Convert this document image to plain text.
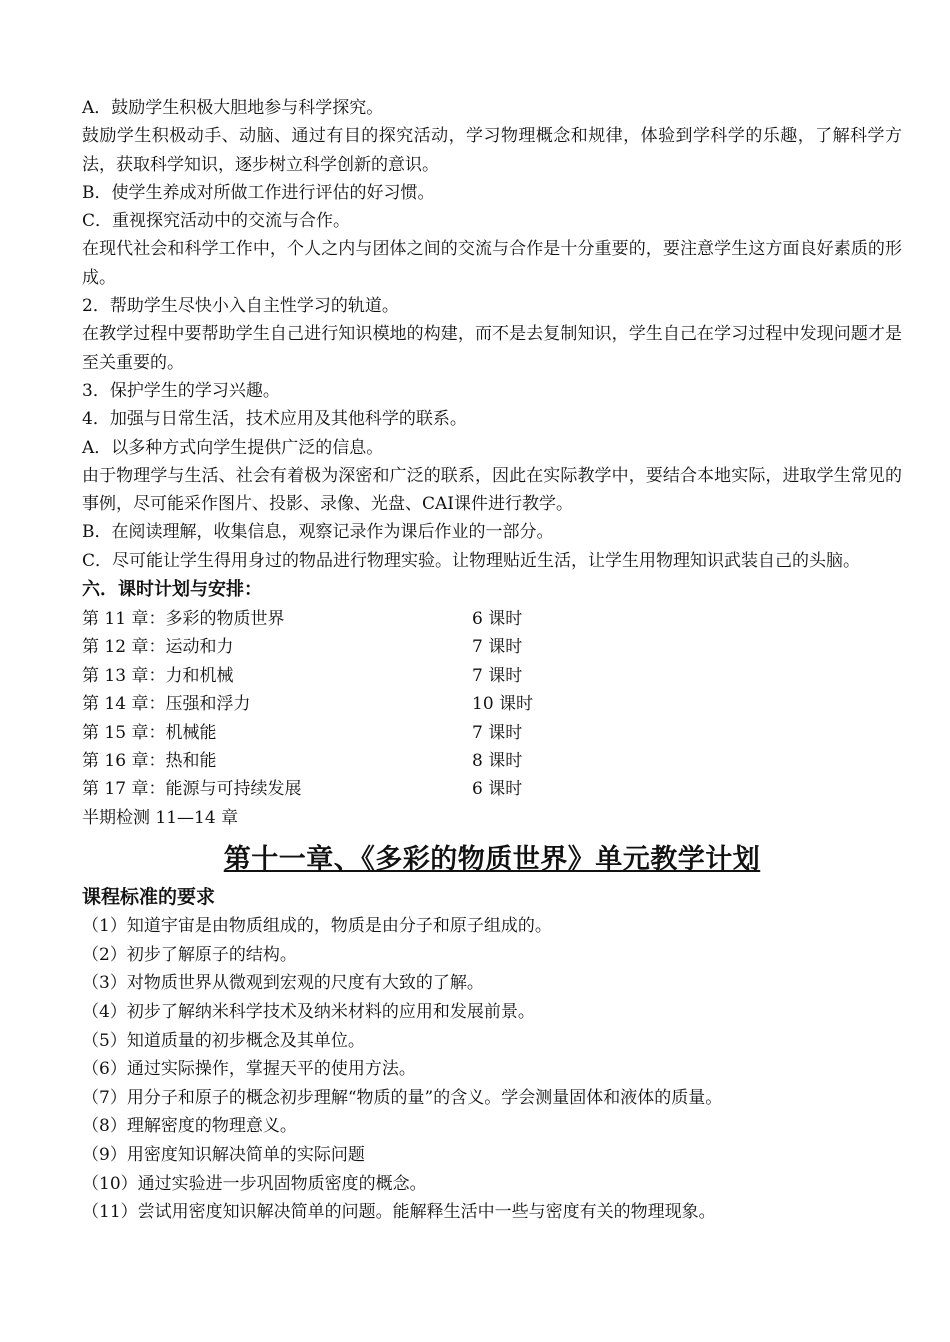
A．鼓励学生积极大胆地参与科学探究。

鼓励学生积极动手、动脑、通过有目的探究活动，学习物理概念和规律，体验到学科学的乐趣，了解科学方法，获取科学知识，逐步树立科学创新的意识。

B．使学生养成对所做工作进行评估的好习惯。

C．重视探究活动中的交流与合作。

在现代社会和科学工作中，个人之内与团体之间的交流与合作是十分重要的，要注意学生这方面良好素质的形成。

2．帮助学生尽快小入自主性学习的轨道。

在教学过程中要帮助学生自己进行知识模地的构建，而不是去复制知识，学生自己在学习过程中发现问题才是至关重要的。

3．保护学生的学习兴趣。

4．加强与日常生活，技术应用及其他科学的联系。

A．以多种方式向学生提供广泛的信息。

由于物理学与生活、社会有着极为深密和广泛的联系，因此在实际教学中，要结合本地实际，进取学生常见的事例，尽可能采作图片、投影、录像、光盘、CAI课件进行教学。

B．在阅读理解，收集信息，观察记录作为课后作业的一部分。

C．尽可能让学生得用身过的物品进行物理实验。让物理贴近生活，让学生用物理知识武装自己的头脑。

六．课时计划与安排：

第 11 章：多彩的物质世界	6 课时
第 12 章：运动和力	7 课时
第 13 章：力和机械	7 课时
第 14 章：压强和浮力	10 课时
第 15 章：机械能	7 课时
第 16 章：热和能	8 课时
第 17 章：能源与可持续发展	6 课时
半期检测 11—14 章
第十一章、《多彩的物质世界》单元教学计划

课程标准的要求

（1）知道宇宙是由物质组成的，物质是由分子和原子组成的。
（2）初步了解原子的结构。
（3）对物质世界从微观到宏观的尺度有大致的了解。
（4）初步了解纳米科学技术及纳米材料的应用和发展前景。
（5）知道质量的初步概念及其单位。
（6）通过实际操作，掌握天平的使用方法。
（7）用分子和原子的概念初步理解“物质的量”的含义。学会测量固体和液体的质量。
（8）理解密度的物理意义。
（9）用密度知识解决简单的实际问题
（10）通过实验进一步巩固物质密度的概念。
（11）尝试用密度知识解决简单的问题。能解释生活中一些与密度有关的物理现象。
